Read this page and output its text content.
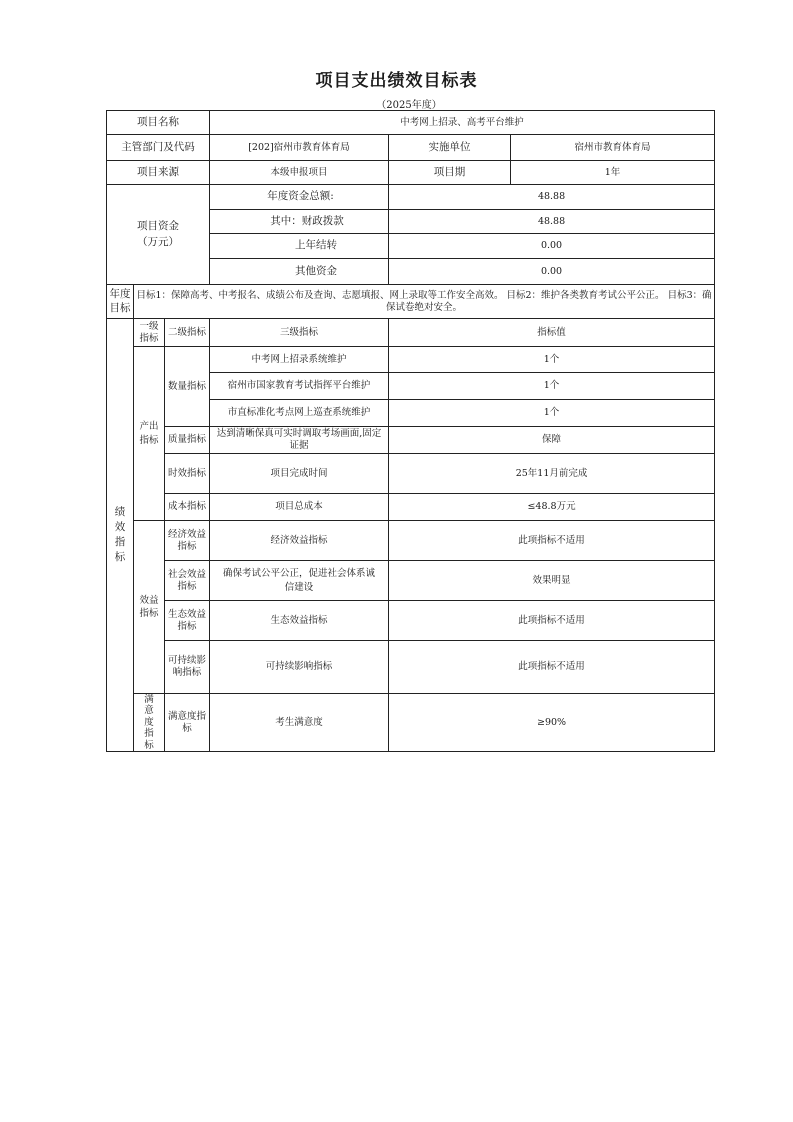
项目支出绩效目标表
（2025年度）
项目名称			中考网上招录、高考平台维护		
主管部门及代码			[202]宿州市教育体育局	实施单位	宿州市教育体育局
项目来源			本级申报项目	项目期	1年
项目资金（万元）			年度资金总额:	48.88	
			其中：财政拨款	48.88	
			上年结转	0.00	
			其他资金	0.00	
年度目标	目标1：保障高考、中考报名、成绩公布及查询、志愿填报、网上录取等工作安全高效。 目标2：维护各类教育考试公平公正。 目标3：确保试卷绝对安全。				
绩效指标	一级指标	二级指标	三级指标	指标值	
	产出指标	数量指标	中考网上招录系统维护	1个	
			宿州市国家教育考试指挥平台维护	1个	
			市直标准化考点网上巡查系统维护	1个	
		质量指标	达到清晰保真可实时调取考场画面,固定证据	保障	
		时效指标	项目完成时间	25年11月前完成	
		成本指标	项目总成本	≤48.8万元	
	效益指标	经济效益指标	经济效益指标	此项指标不适用	
		社会效益指标	确保考试公平公正，促进社会体系诚信建设	效果明显	
		生态效益指标	生态效益指标	此项指标不适用	
		可持续影响指标	可持续影响指标	此项指标不适用	
	满意度指标	满意度指标	考生满意度	≥90%	
